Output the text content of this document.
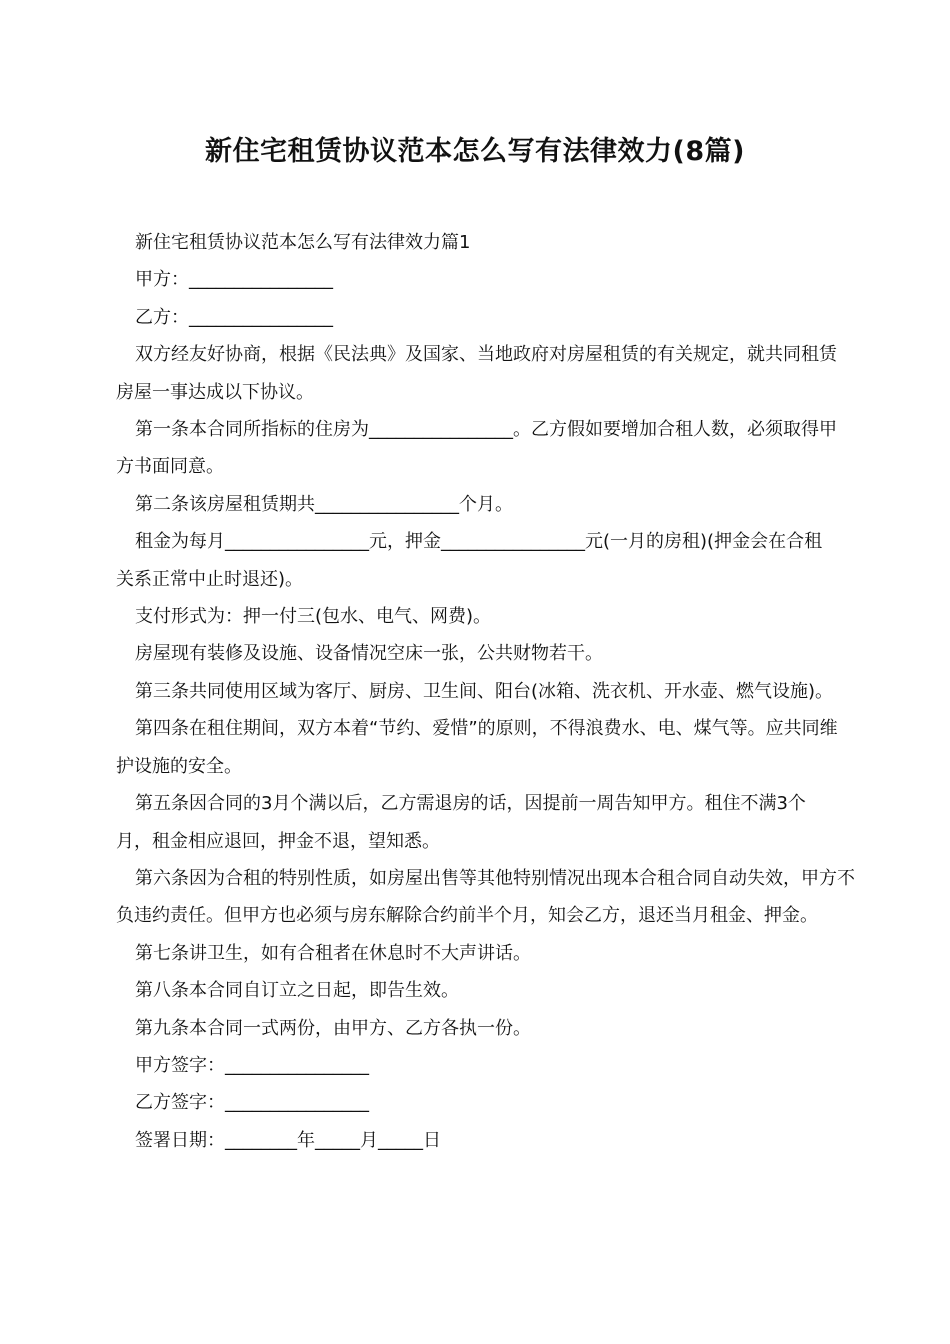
新住宅租赁协议范本怎么写有法律效力(8篇)

新住宅租赁协议范本怎么写有法律效力篇1

甲方：________________

乙方：________________

双方经友好协商，根据《民法典》及国家、当地政府对房屋租赁的有关规定，就共同租赁房屋一事达成以下协议。

第一条本合同所指标的住房为________________。乙方假如要增加合租人数，必须取得甲方书面同意。

第二条该房屋租赁期共________________个月。

租金为每月________________元，押金________________元(一月的房租)(押金会在合租关系正常中止时退还)。

支付形式为：押一付三(包水、电气、网费)。

房屋现有装修及设施、设备情况空床一张，公共财物若干。

第三条共同使用区域为客厅、厨房、卫生间、阳台(冰箱、洗衣机、开水壶、燃气设施)。

第四条在租住期间，双方本着“节约、爱惜”的原则，不得浪费水、电、煤气等。应共同维护设施的安全。

第五条因合同的3月个满以后，乙方需退房的话，因提前一周告知甲方。租住不满3个月，租金相应退回，押金不退，望知悉。

第六条因为合租的特别性质，如房屋出售等其他特别情况出现本合租合同自动失效，甲方不负违约责任。但甲方也必须与房东解除合约前半个月，知会乙方，退还当月租金、押金。

第七条讲卫生，如有合租者在休息时不大声讲话。

第八条本合同自订立之日起，即告生效。

第九条本合同一式两份，由甲方、乙方各执一份。

甲方签字：________________

乙方签字：________________

签署日期：________年_____月_____日
